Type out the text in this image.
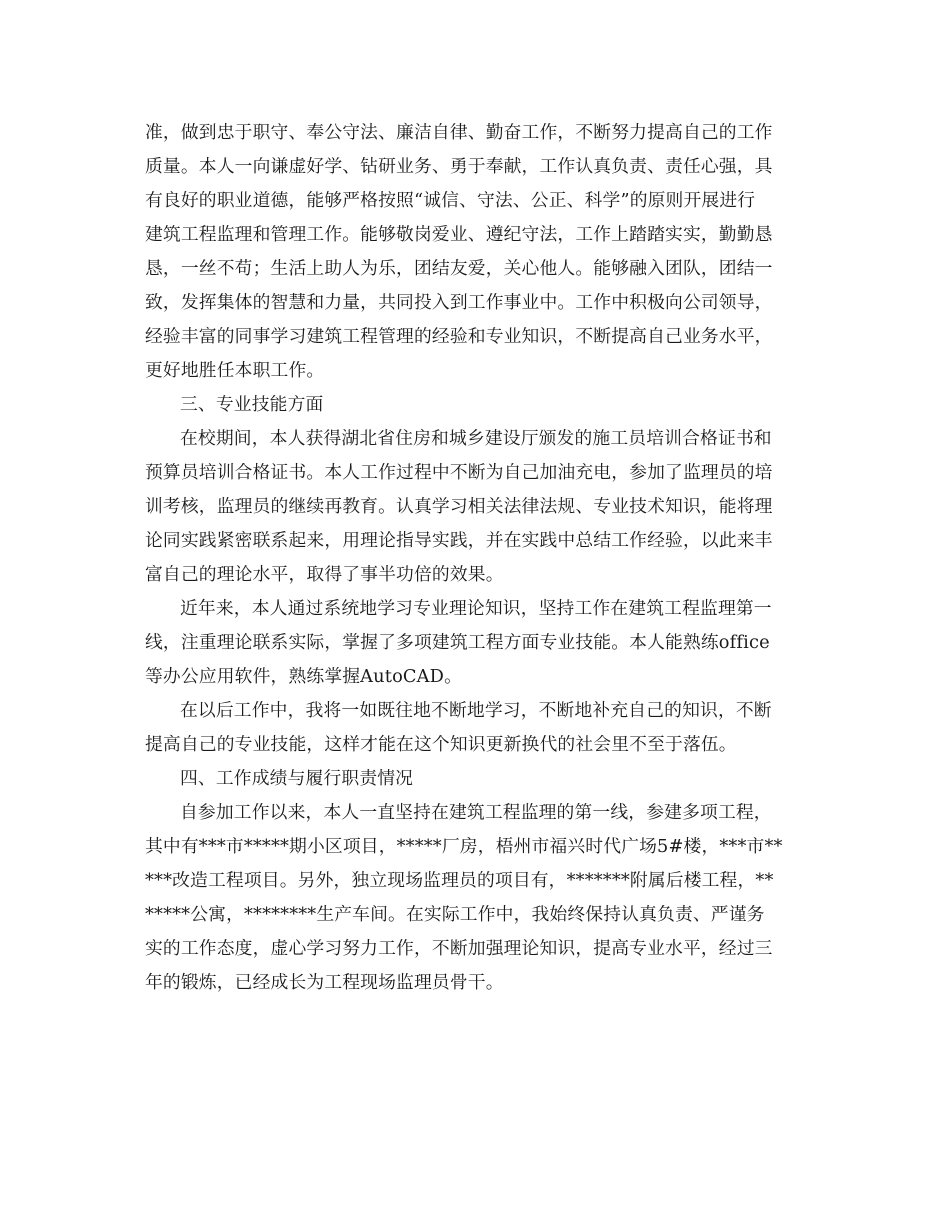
准，做到忠于职守、奉公守法、廉洁自律、勤奋工作，不断努力提高自己的工作
质量。本人一向谦虚好学、钻研业务、勇于奉献，工作认真负责、责任心强，具
有良好的职业道德，能够严格按照“诚信、守法、公正、科学”的原则开展进行
建筑工程监理和管理工作。能够敬岗爱业、遵纪守法，工作上踏踏实实，勤勤恳
恳，一丝不苟；生活上助人为乐，团结友爱，关心他人。能够融入团队，团结一
致，发挥集体的智慧和力量，共同投入到工作事业中。工作中积极向公司领导，
经验丰富的同事学习建筑工程管理的经验和专业知识，不断提高自己业务水平，
更好地胜任本职工作。
三、专业技能方面
在校期间，本人获得湖北省住房和城乡建设厅颁发的施工员培训合格证书和
预算员培训合格证书。本人工作过程中不断为自己加油充电，参加了监理员的培
训考核，监理员的继续再教育。认真学习相关法律法规、专业技术知识，能将理
论同实践紧密联系起来，用理论指导实践，并在实践中总结工作经验，以此来丰
富自己的理论水平，取得了事半功倍的效果。
近年来，本人通过系统地学习专业理论知识，坚持工作在建筑工程监理第一
线，注重理论联系实际，掌握了多项建筑工程方面专业技能。本人能熟练office
等办公应用软件，熟练掌握AutoCAD。
在以后工作中，我将一如既往地不断地学习，不断地补充自己的知识，不断
提高自己的专业技能，这样才能在这个知识更新换代的社会里不至于落伍。
四、工作成绩与履行职责情况
自参加工作以来，本人一直坚持在建筑工程监理的第一线，参建多项工程，
其中有***市*****期小区项目，*****厂房，梧州市福兴时代广场5#楼，***市**
***改造工程项目。另外，独立现场监理员的项目有，*******附属后楼工程，**
*****公寓，********生产车间。在实际工作中，我始终保持认真负责、严谨务
实的工作态度，虚心学习努力工作，不断加强理论知识，提高专业水平，经过三
年的锻炼，已经成长为工程现场监理员骨干。
